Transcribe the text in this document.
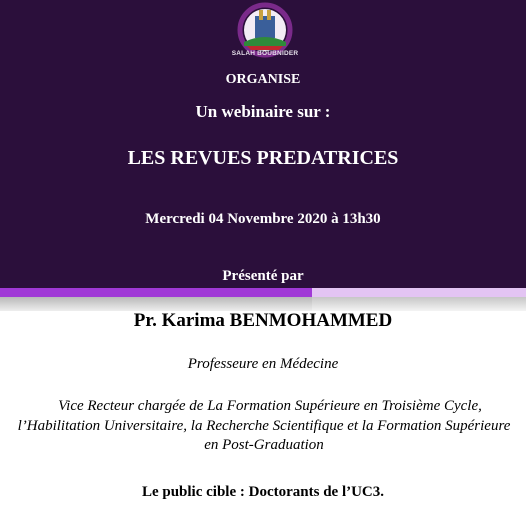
SALAH BOUBNIDER
ORGANISE
Un webinaire sur :
LES REVUES PREDATRICES
Mercredi 04 Novembre 2020 à 13h30
Présenté par
Pr. Karima BENMOHAMMED
Professeure en Médecine
Vice Recteur chargée de La Formation Supérieure en Troisième Cycle, l’Habilitation Universitaire, la Recherche Scientifique et la Formation Supérieure en Post-Graduation
Le public cible : Doctorants de l’UC3.
